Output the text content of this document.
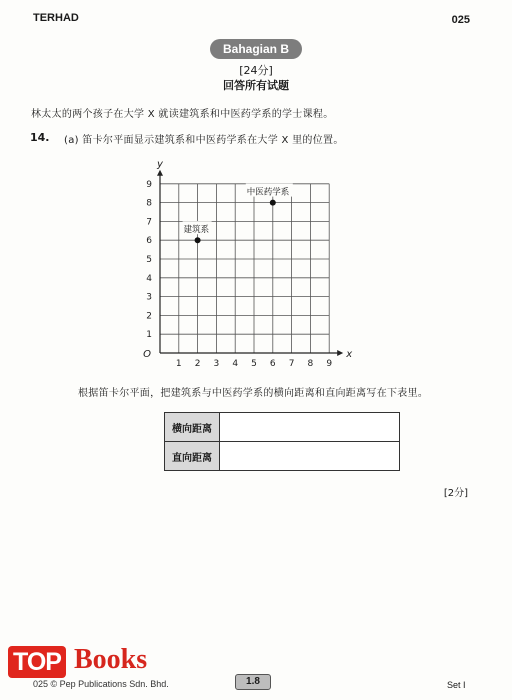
TERHAD	025
Bahagian B
[24分]
回答所有试题
林太太的两个孩子在大学 X 就读建筑系和中医药学系的学士课程。
14. (a) 笛卡尔平面显示建筑系和中医药学系在大学 X 里的位置。
1 2 3 4 5 6 7 8 9
1
2
3
4
5
6
7
8
9
O	x
y
建筑系
中医药学系
根据笛卡尔平面，把建筑系与中医药学系的横向距离和直向距离写在下表里。
横向距离	
直向距离	
[2分]
TOP Books
025 © Pep Publications Sdn. Bhd.	1.8	Set I
